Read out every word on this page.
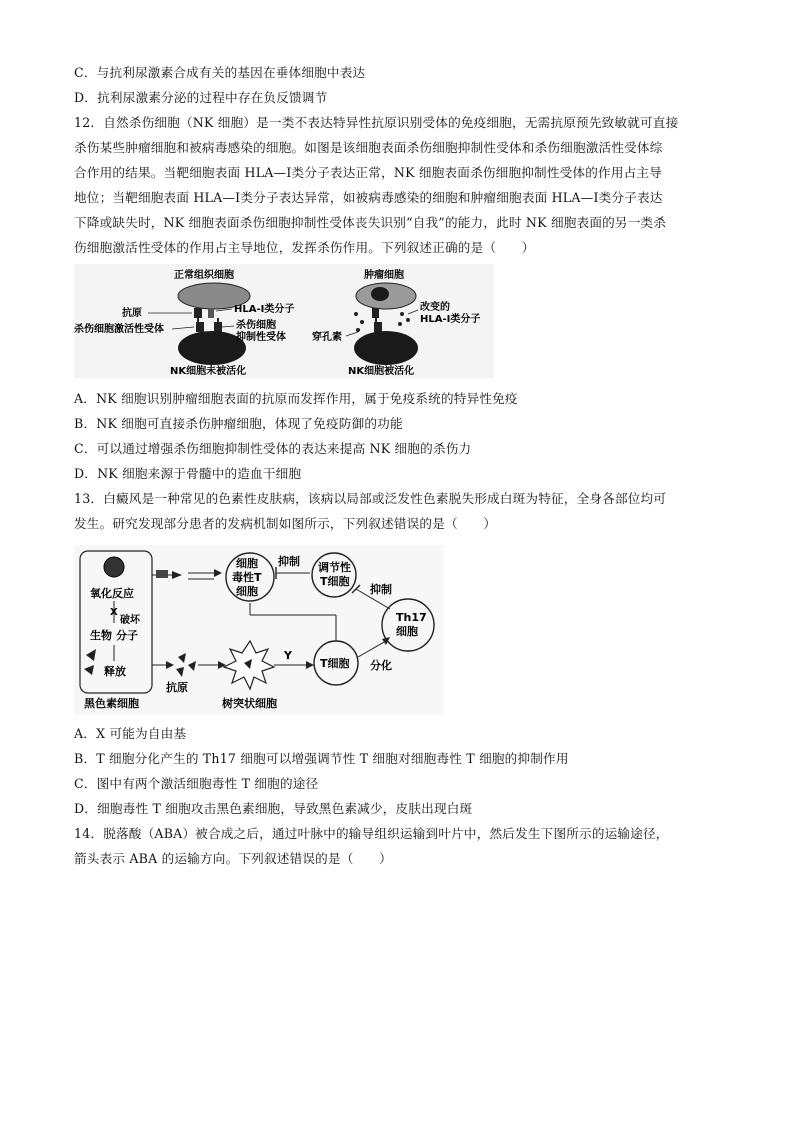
C．与抗利尿激素合成有关的基因在垂体细胞中表达
D．抗利尿激素分泌的过程中存在负反馈调节
12．自然杀伤细胞（NK 细胞）是一类不表达特异性抗原识别受体的免疫细胞，无需抗原预先致敏就可直接
杀伤某些肿瘤细胞和被病毒感染的细胞。如图是该细胞表面杀伤细胞抑制性受体和杀伤细胞激活性受体综
合作用的结果。当靶细胞表面 HLA—Ⅰ类分子表达正常，NK 细胞表面杀伤细胞抑制性受体的作用占主导
地位；当靶细胞表面 HLA—Ⅰ类分子表达异常，如被病毒感染的细胞和肿瘤细胞表面 HLA—Ⅰ类分子表达
下降或缺失时，NK 细胞表面杀伤细胞抑制性受体丧失识别“自我”的能力，此时 NK 细胞表面的另一类杀
伤细胞激活性受体的作用占主导地位，发挥杀伤作用。下列叙述正确的是（　　）
正常组织细胞
抗原	HLA-Ⅰ类分子
杀伤细胞激活性受体	杀伤细胞
抑制性受体
NK细胞未被活化
肿瘤细胞
改变的
HLA-Ⅰ类分子
穿孔素
NK细胞被活化
A．NK 细胞识别肿瘤细胞表面的抗原而发挥作用，属于免疫系统的特异性免疫
B．NK 细胞可直接杀伤肿瘤细胞，体现了免疫防御的功能
C．可以通过增强杀伤细胞抑制性受体的表达来提高 NK 细胞的杀伤力
D．NK 细胞来源于骨髓中的造血干细胞
13．白癜风是一种常见的色素性皮肤病，该病以局部或泛发性色素脱失形成白斑为特征，全身各部位均可
发生。研究发现部分患者的发病机制如图所示，下列叙述错误的是（　　）
氧化反应
X
破坏
生物 分子
释放
黑色素细胞
细胞
毒性T
细胞
抑制 调节性
T细胞
抑制
Th17
细胞
抗原
树突状细胞
Y
T细胞 分化
A．X 可能为自由基
B．T 细胞分化产生的 Th17 细胞可以增强调节性 T 细胞对细胞毒性 T 细胞的抑制作用
C．图中有两个激活细胞毒性 T 细胞的途径
D．细胞毒性 T 细胞攻击黑色素细胞，导致黑色素减少，皮肤出现白斑
14．脱落酸（ABA）被合成之后，通过叶脉中的输导组织运输到叶片中，然后发生下图所示的运输途径，
箭头表示 ABA 的运输方向。下列叙述错误的是（　　）
